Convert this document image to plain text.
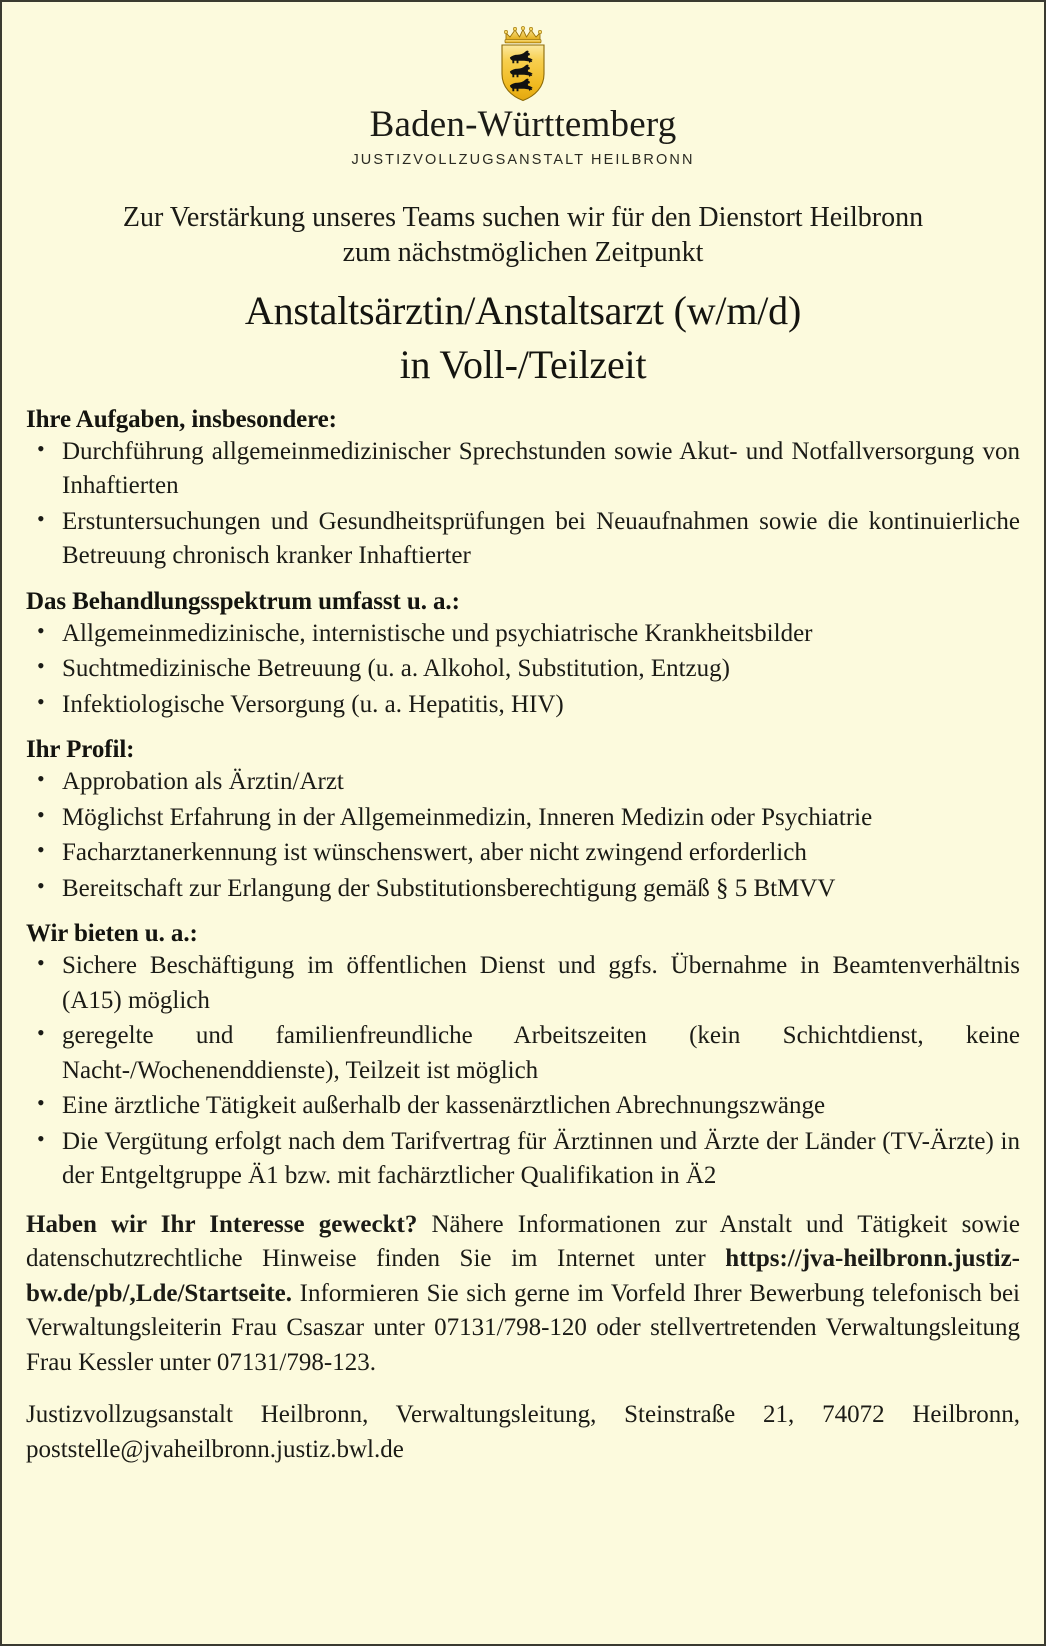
Baden-Württemberg
JUSTIZVOLLZUGSANSTALT HEILBRONN
Zur Verstärkung unseres Teams suchen wir für den Dienstort Heilbronn
zum nächstmöglichen Zeitpunkt
Anstaltsärztin/Anstaltsarzt (w/m/d)
in Voll-/Teilzeit
Ihre Aufgaben, insbesondere:
• Durchführung allgemeinmedizinischer Sprechstunden sowie Akut- und Notfallversorgung von Inhaftierten
• Erstuntersuchungen und Gesundheitsprüfungen bei Neuaufnahmen sowie die kontinuierliche Betreuung chronisch kranker Inhaftierter
Das Behandlungsspektrum umfasst u. a.:
• Allgemeinmedizinische, internistische und psychiatrische Krankheitsbilder
• Suchtmedizinische Betreuung (u. a. Alkohol, Substitution, Entzug)
• Infektiologische Versorgung (u. a. Hepatitis, HIV)
Ihr Profil:
• Approbation als Ärztin/Arzt
• Möglichst Erfahrung in der Allgemeinmedizin, Inneren Medizin oder Psychiatrie
• Facharztanerkennung ist wünschenswert, aber nicht zwingend erforderlich
• Bereitschaft zur Erlangung der Substitutionsberechtigung gemäß § 5 BtMVV
Wir bieten u. a.:
• Sichere Beschäftigung im öffentlichen Dienst und ggfs. Übernahme in Beamtenverhältnis (A15) möglich
• geregelte und familienfreundliche Arbeitszeiten (kein Schichtdienst, keine Nacht-/Wochenenddienste), Teilzeit ist möglich
• Eine ärztliche Tätigkeit außerhalb der kassenärztlichen Abrechnungszwänge
• Die Vergütung erfolgt nach dem Tarifvertrag für Ärztinnen und Ärzte der Länder (TV-Ärzte) in der Entgeltgruppe Ä1 bzw. mit fachärztlicher Qualifikation in Ä2
Haben wir Ihr Interesse geweckt? Nähere Informationen zur Anstalt und Tätigkeit sowie datenschutzrechtliche Hinweise finden Sie im Internet unter https://jva-heilbronn.justiz-bw.de/pb/,Lde/Startseite. Informieren Sie sich gerne im Vorfeld Ihrer Bewerbung telefonisch bei Verwaltungsleiterin Frau Csaszar unter 07131/798-120 oder stellvertretenden Verwaltungsleitung Frau Kessler unter 07131/798-123.
Justizvollzugsanstalt Heilbronn, Verwaltungsleitung, Steinstraße 21, 74072 Heilbronn, poststelle@jvaheilbronn.justiz.bwl.de
